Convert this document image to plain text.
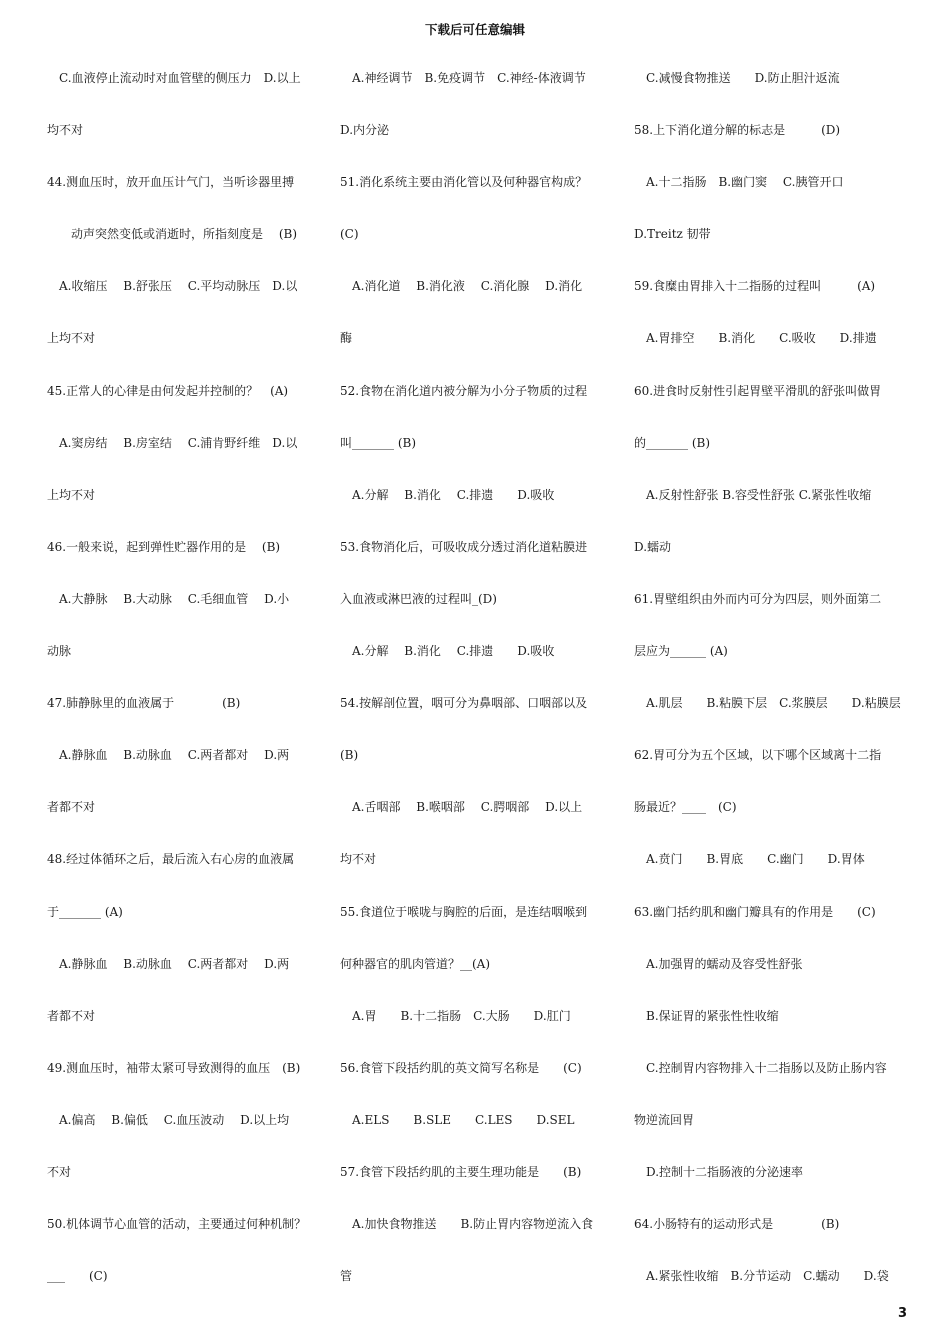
下载后可任意编辑
　C.血液停止流动时对血管壁的侧压力　D.以上
均不对
44.测血压时，放开血压计气门，当听诊器里搏
　　动声突然变低或消逝时，所指刻度是　 (B)
　A.收缩压　 B.舒张压　 C.平均动脉压　D.以
上均不对
45.正常人的心律是由何发起并控制的？　(A)
　A.窦房结　 B.房室结　 C.浦肯野纤维　D.以
上均不对
46.一般来说，起到弹性贮器作用的是　 (B)
　A.大静脉　 B.大动脉　 C.毛细血管　 D.小
动脉
47.肺静脉里的血液属于　　　　(B)
　A.静脉血　 B.动脉血　 C.两者都对　 D.两
者都不对
48.经过体循环之后，最后流入右心房的血液属
于_______ (A)
　A.静脉血　 B.动脉血　 C.两者都对　 D.两
者都不对
49.测血压时，袖带太紧可导致测得的血压　(B)
　A.偏高　 B.偏低　 C.血压波动　 D.以上均
不对
50.机体调节心血管的活动，主要通过何种机制？
___　　(C)
　A.神经调节　B.免疫调节　C.神经-体液调节
D.内分泌
51.消化系统主要由消化管以及何种器官构成？
(C)
　A.消化道　 B.消化液　 C.消化腺　 D.消化
酶
52.食物在消化道内被分解为小分子物质的过程
叫_______ (B)
　A.分解　 B.消化　 C.排遗　　D.吸收
53.食物消化后，可吸收成分透过消化道粘膜进
入血液或淋巴液的过程叫_(D)
　A.分解　 B.消化　 C.排遗　　D.吸收
54.按解剖位置，咽可分为鼻咽部、口咽部以及
(B)
　A.舌咽部　 B.喉咽部　 C.腭咽部　 D.以上
均不对
55.食道位于喉咙与胸腔的后面，是连结咽喉到
何种器官的肌肉管道？__(A)
　A.胃　　B.十二指肠　C.大肠　　D.肛门
56.食管下段括约肌的英文简写名称是　　(C)
　A.ELS　　B.SLE　　C.LES　　D.SEL
57.食管下段括约肌的主要生理功能是　　(B)
　A.加快食物推送　　B.防止胃内容物逆流入食
管
　C.减慢食物推送　　D.防止胆汁返流
58.上下消化道分解的标志是　　　(D)
　A.十二指肠　B.幽门窦　 C.胰管开口
D.Treitz 韧带
59.食糜由胃排入十二指肠的过程叫　　　(A)
　A.胃排空　　B.消化　　C.吸收　　D.排遗
60.进食时反射性引起胃壁平滑肌的舒张叫做胃
的_______ (B)
　A.反射性舒张 B.容受性舒张 C.紧张性收缩
D.蠕动
61.胃壁组织由外而内可分为四层，则外面第二
层应为______ (A)
　A.肌层　　B.粘膜下层　C.浆膜层　　D.粘膜层
62.胃可分为五个区域，以下哪个区域离十二指
肠最近？____　(C)
　A.贲门　　B.胃底　　C.幽门　　D.胃体
63.幽门括约肌和幽门瓣具有的作用是　　(C)
　A.加强胃的蠕动及容受性舒张
　B.保证胃的紧张性性收缩
　C.控制胃内容物排入十二指肠以及防止肠内容
物逆流回胃
　D.控制十二指肠液的分泌速率
64.小肠特有的运动形式是　　　　(B)
　A.紧张性收缩　B.分节运动　C.蠕动　　D.袋
3
